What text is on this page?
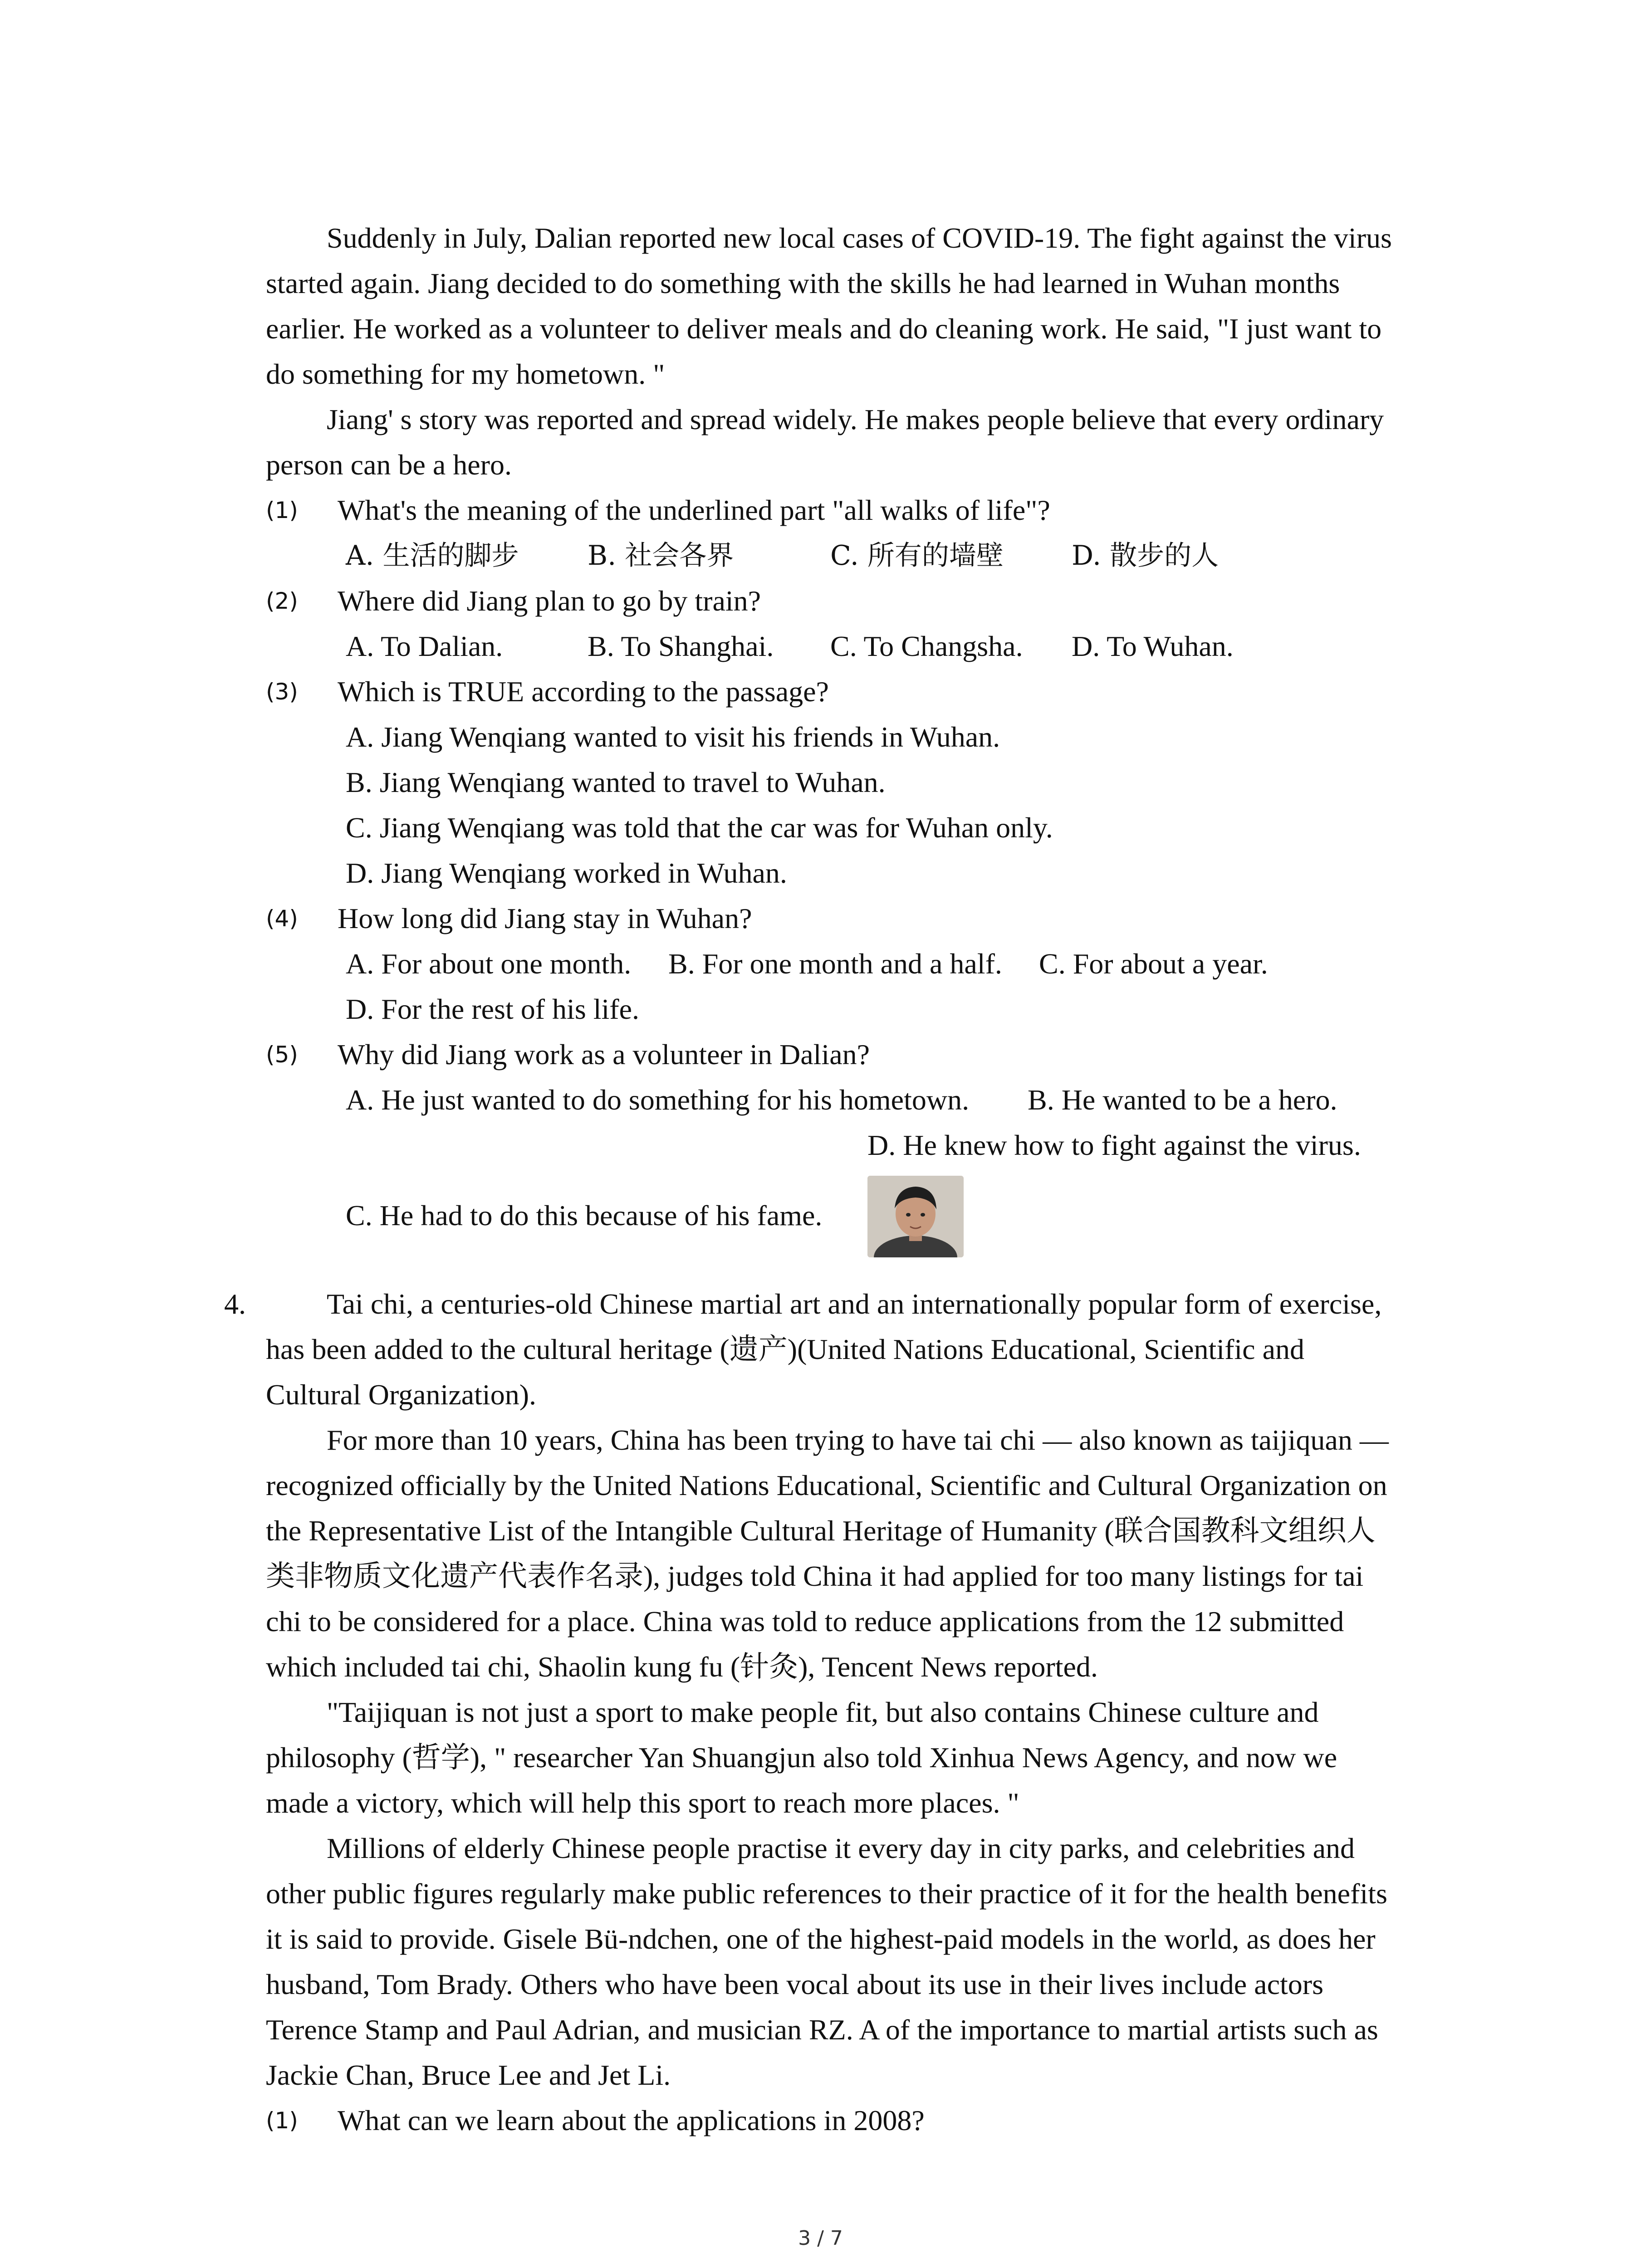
Suddenly in July, Dalian reported new local cases of COVID-19. The fight against the virus
started again. Jiang decided to do something with the skills he had learned in Wuhan months
earlier. He worked as a volunteer to deliver meals and do cleaning work. He said, "I just want to
do something for my hometown. "
Jiang' s story was reported and spread widely. He makes people believe that every ordinary
person can be a hero.
(1) What's the meaning of the underlined part "all walks of life"?
A. 生活的脚步	B. 社会各界	C. 所有的墙壁	D. 散步的人
(2) Where did Jiang plan to go by train?
A. To Dalian.	B. To Shanghai. C. To Changsha. D. To Wuhan.
(3) Which is TRUE according to the passage?
A. Jiang Wenqiang wanted to visit his friends in Wuhan.
B. Jiang Wenqiang wanted to travel to Wuhan.
C. Jiang Wenqiang was told that the car was for Wuhan only.
D. Jiang Wenqiang worked in Wuhan.
(4) How long did Jiang stay in Wuhan?
A. For about one month. B. For one month and a half. C. For about a year.
D. For the rest of his life.
(5) Why did Jiang work as a volunteer in Dalian?
A. He just wanted to do something for his hometown. B. He wanted to be a hero.
D. He knew how to fight against the virus.
C. He had to do this because of his fame.
4.	Tai chi, a centuries-old Chinese martial art and an internationally popular form of exercise,
has been added to the cultural heritage (遗产)(United Nations Educational, Scientific and
Cultural Organization).
For more than 10 years, China has been trying to have tai chi — also known as taijiquan —
recognized officially by the United Nations Educational, Scientific and Cultural Organization on
the Representative List of the Intangible Cultural Heritage of Humanity (联合国教科文组织人
类非物质文化遗产代表作名录), judges told China it had applied for too many listings for tai
chi to be considered for a place. China was told to reduce applications from the 12 submitted
which included tai chi, Shaolin kung fu (针灸), Tencent News reported.
"Taijiquan is not just a sport to make people fit, but also contains Chinese culture and
philosophy (哲学), " researcher Yan Shuangjun also told Xinhua News Agency, and now we
made a victory, which will help this sport to reach more places. "
Millions of elderly Chinese people practise it every day in city parks, and celebrities and
other public figures regularly make public references to their practice of it for the health benefits
it is said to provide. Gisele Bü-ndchen, one of the highest-paid models in the world, as does her
husband, Tom Brady. Others who have been vocal about its use in their lives include actors
Terence Stamp and Paul Adrian, and musician RZ. A of the importance to martial artists such as
Jackie Chan, Bruce Lee and Jet Li.
(1) What can we learn about the applications in 2008?
3 / 7
